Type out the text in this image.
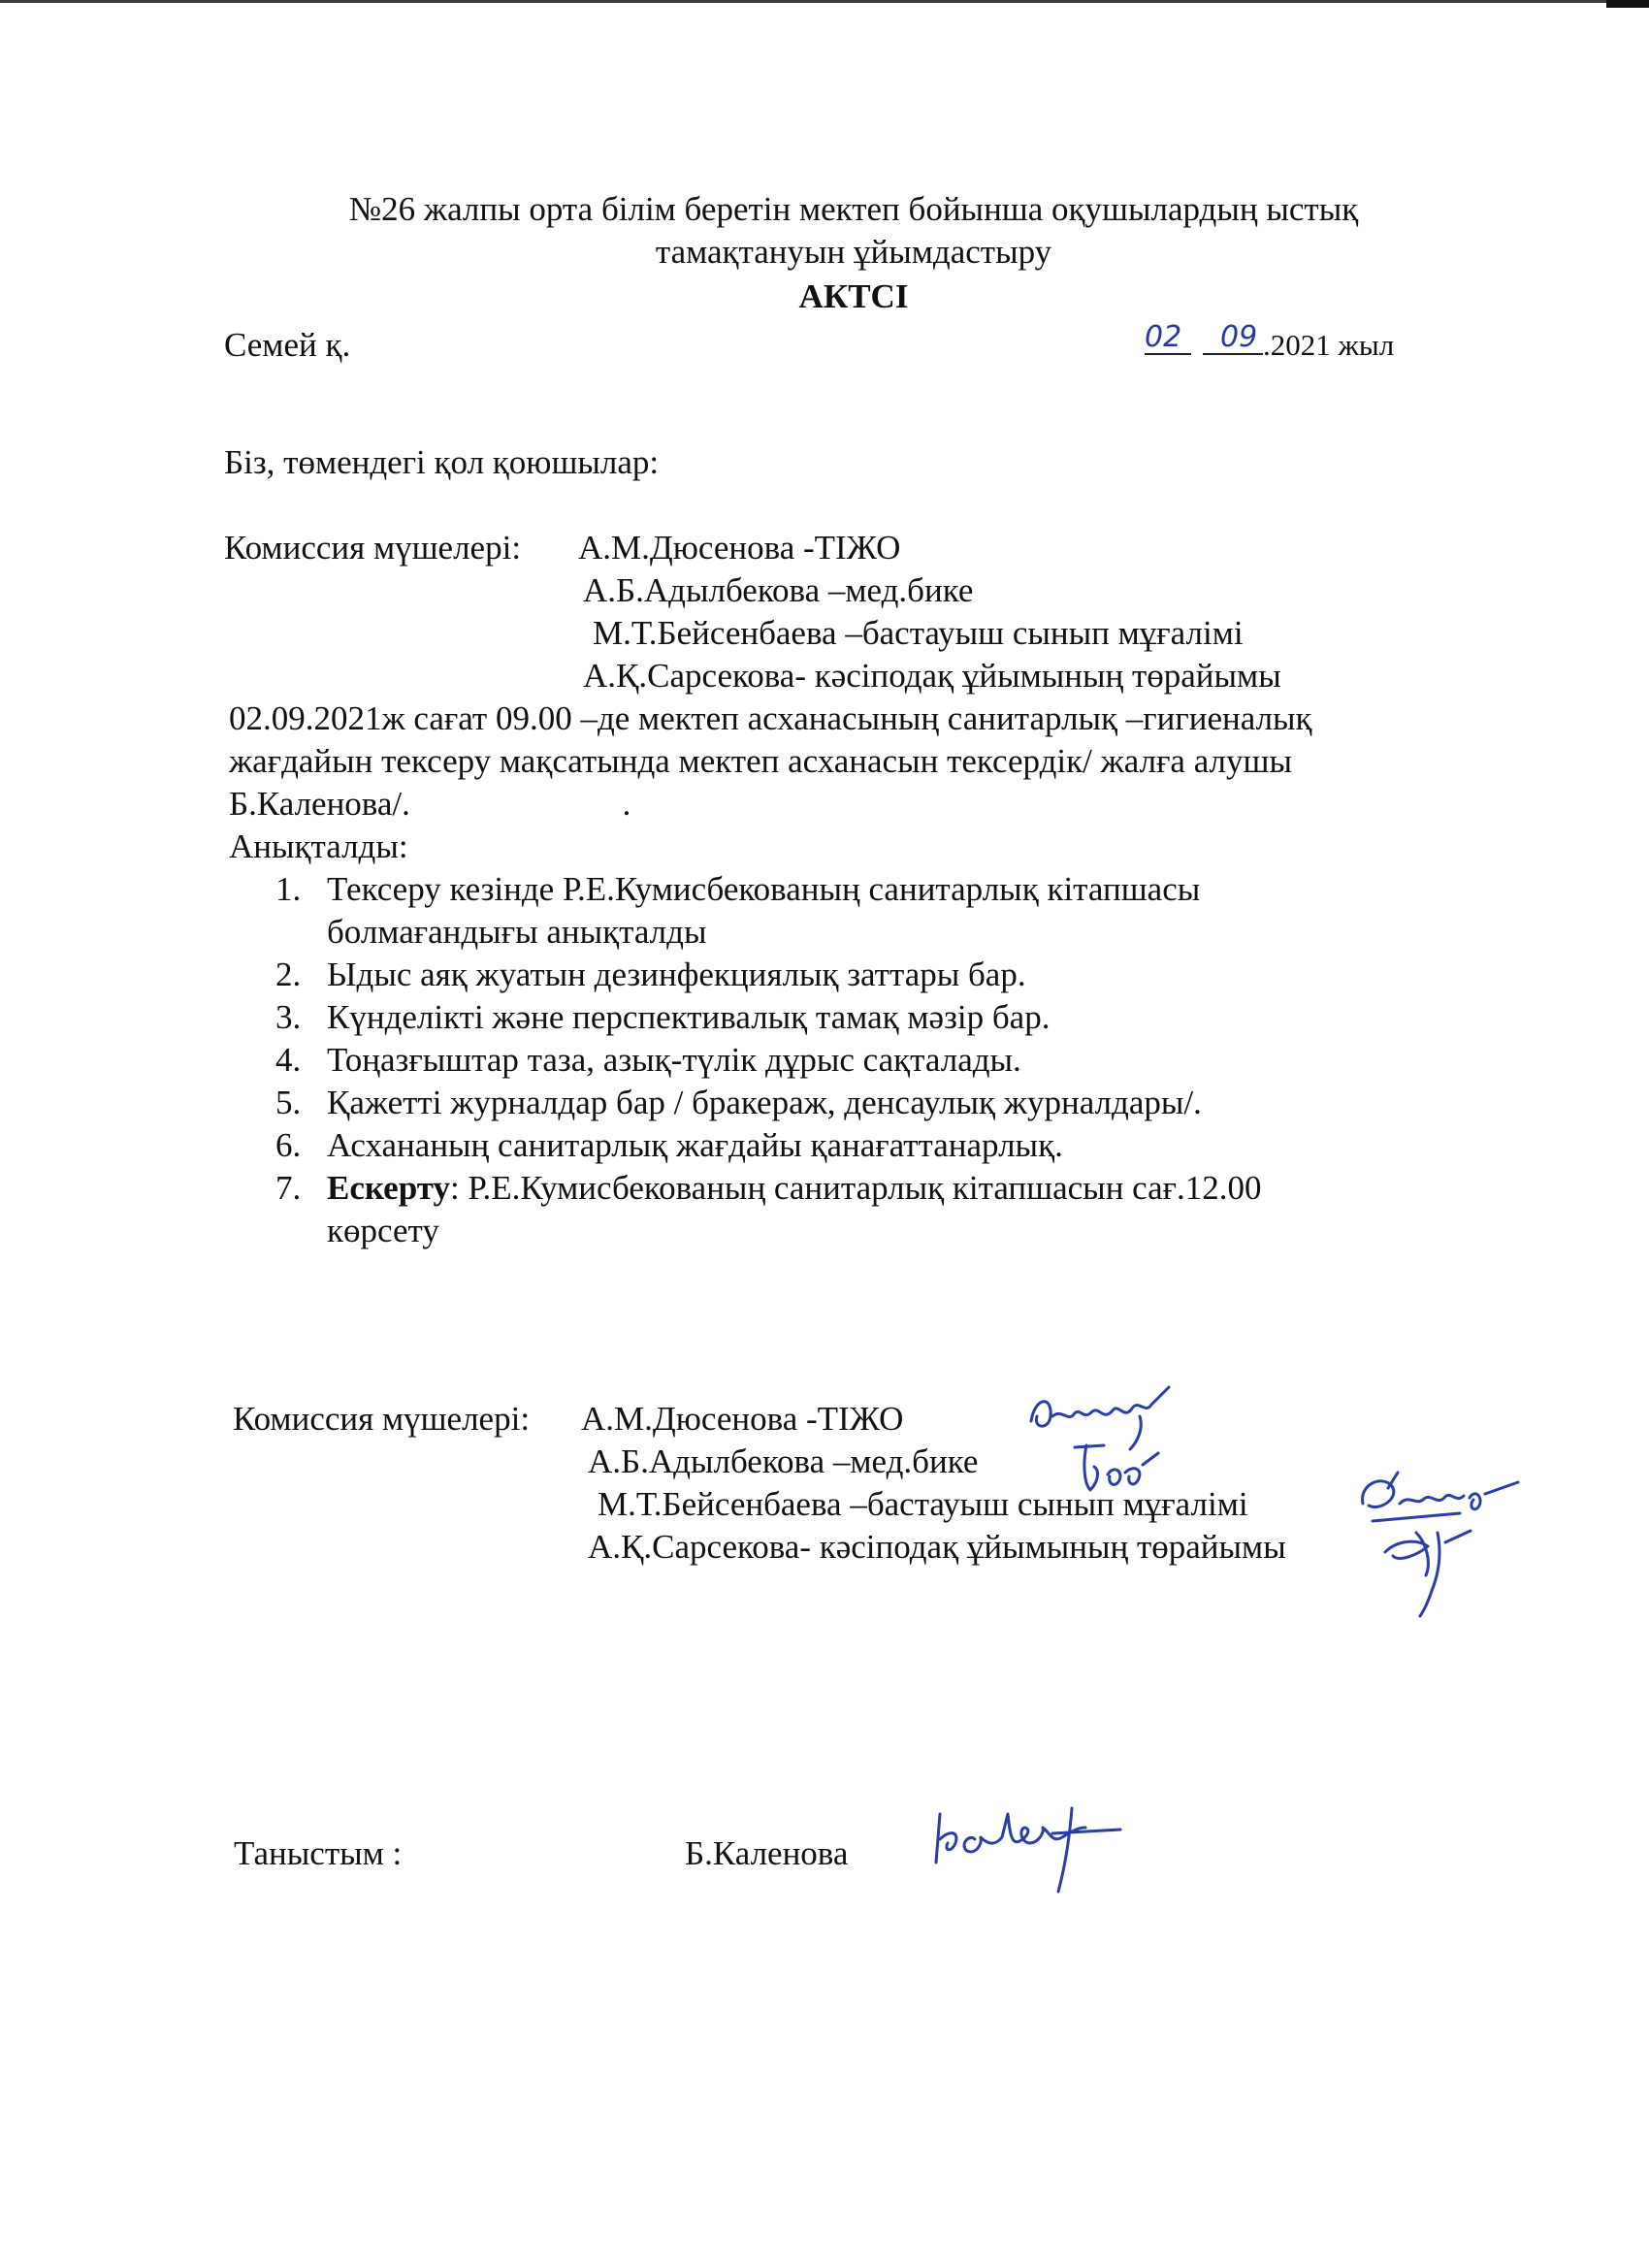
№26 жалпы орта білім беретін мектеп бойынша оқушылардың ыстық
тамақтануын ұйымдастыру
АКТСІ
Семей қ.	.2021 жыл
02 09
Біз, төмендегі қол қоюшылар:
Комиссия мүшелері: А.М.Дюсенова -ТІЖО
А.Б.Адылбекова –мед.бике
М.Т.Бейсенбаева –бастауыш сынып мұғалімі
А.Қ.Сарсекова- кәсіподақ ұйымының төрайымы
02.09.2021ж сағат 09.00 –де мектеп асханасының санитарлық –гигиеналық
жағдайын тексеру мақсатында мектеп асханасын тексердік/ жалға алушы
Б.Каленова/.                         .
Анықталды:
1. Тексеру кезінде Р.Е.Кумисбекованың санитарлық кітапшасы
болмағандығы анықталды
2. Ыдыс аяқ жуатын дезинфекциялық заттары бар.
3. Күнделікті және перспективалық тамақ мәзір бар.
4. Тоңазғыштар таза, азық-түлік дұрыс сақталады.
5. Қажетті журналдар бар / бракераж, денсаулық журналдары/.
6. Асхананың санитарлық жағдайы қанағаттанарлық.
7. Ескерту: Р.Е.Кумисбекованың санитарлық кітапшасын сағ.12.00
көрсету
Комиссия мүшелері: А.М.Дюсенова -ТІЖО
А.Б.Адылбекова –мед.бике
М.Т.Бейсенбаева –бастауыш сынып мұғалімі
А.Қ.Сарсекова- кәсіподақ ұйымының төрайымы
Таныстым :	Б.Каленова
